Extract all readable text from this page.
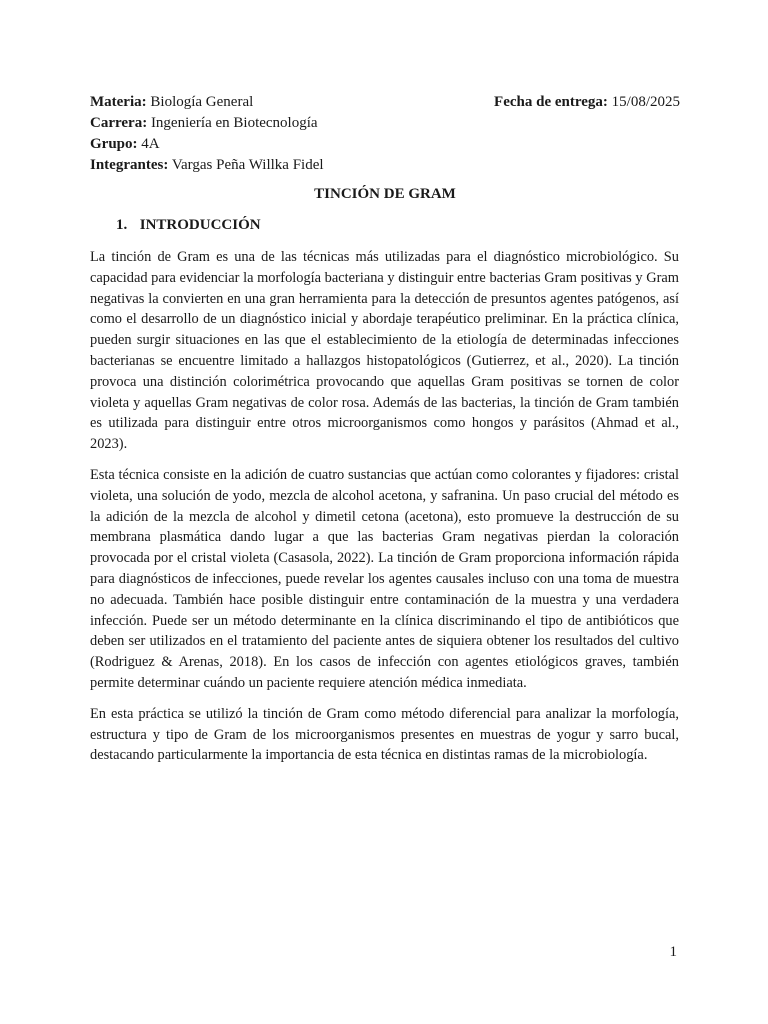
Materia: Biología General	Fecha de entrega: 15/08/2025
Carrera: Ingeniería en Biotecnología
Grupo: 4A
Integrantes: Vargas Peña Willka Fidel
TINCIÓN DE GRAM
1. INTRODUCCIÓN

La tinción de Gram es una de las técnicas más utilizadas para el diagnóstico microbiológico. Su capacidad para evidenciar la morfología bacteriana y distinguir entre bacterias Gram positivas y Gram negativas la convierten en una gran herramienta para la detección de presuntos agentes patógenos, así como el desarrollo de un diagnóstico inicial y abordaje terapéutico preliminar. En la práctica clínica, pueden surgir situaciones en las que el establecimiento de la etiología de determinadas infecciones bacterianas se encuentre limitado a hallazgos histopatológicos (Gutierrez, et al., 2020). La tinción provoca una distinción colorimétrica provocando que aquellas Gram positivas se tornen de color violeta y aquellas Gram negativas de color rosa. Además de las bacterias, la tinción de Gram también es utilizada para distinguir entre otros microorganismos como hongos y parásitos (Ahmad et al., 2023).

Esta técnica consiste en la adición de cuatro sustancias que actúan como colorantes y fijadores: cristal violeta, una solución de yodo, mezcla de alcohol acetona, y safranina. Un paso crucial del método es la adición de la mezcla de alcohol y dimetil cetona (acetona), esto promueve la destrucción de su membrana plasmática dando lugar a que las bacterias Gram negativas pierdan la coloración provocada por el cristal violeta (Casasola, 2022). La tinción de Gram proporciona información rápida para diagnósticos de infecciones, puede revelar los agentes causales incluso con una toma de muestra no adecuada. También hace posible distinguir entre contaminación de la muestra y una verdadera infección. Puede ser un método determinante en la clínica discriminando el tipo de antibióticos que deben ser utilizados en el tratamiento del paciente antes de siquiera obtener los resultados del cultivo (Rodriguez & Arenas, 2018). En los casos de infección con agentes etiológicos graves, también permite determinar cuándo un paciente requiere atención médica inmediata.

En esta práctica se utilizó la tinción de Gram como método diferencial para analizar la morfología, estructura y tipo de Gram de los microorganismos presentes en muestras de yogur y sarro bucal, destacando particularmente la importancia de esta técnica en distintas ramas de la microbiología.

1
